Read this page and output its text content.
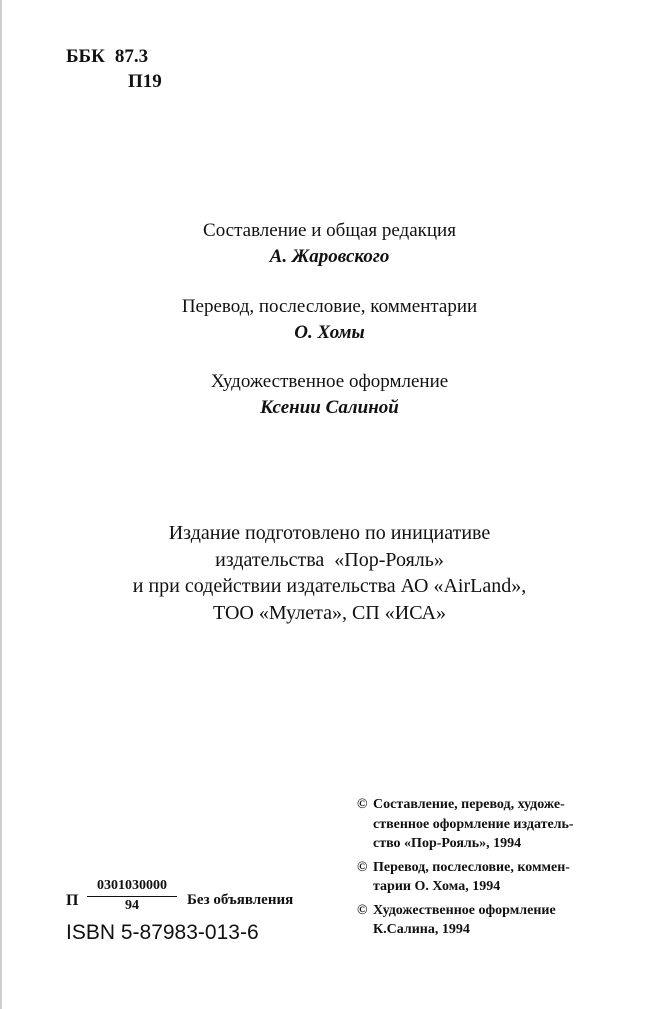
ББК 87.3
П19
Составление и общая редакция
А. Жаровского
Перевод, послесловие, комментарии
О. Хомы
Художественное оформление
Ксении Салиной
Издание подготовлено по инициативе
издательства  «Пор-Рояль»
и при содействии издательства АО «AirLand»,
ТОО «Мулета», СП «ИСА»
© Составление, перевод, художе-
ственное оформление издатель-
ство «Пор-Рояль», 1994
© Перевод, послесловие, коммен-
тарии О. Хома, 1994
© Художественное оформление
К.Салина, 1994
П $\frac{0301030000}{94}$ Без объявления
ISBN 5-87983-013-6
